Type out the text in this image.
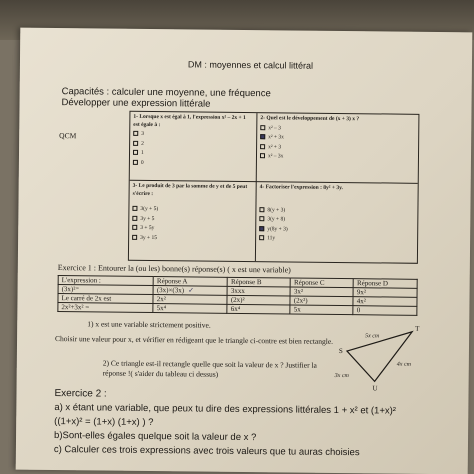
DM : moyennes et calcul littéral
Capacités : calculer une moyenne, une fréquence
Développer une expression littérale
QCM
1- Lorsque x est égal à 1, l'expression x² – 2x + 1 est égale à :
3
2
1
0
2- Quel est le développement de (x + 3) x ?
x² – 3
x² + 3x
x² + 3
x² – 3x
3- Le produit de 3 par la somme de y et de 5 peut s'écrire :
3(y + 5)
3y + 5
3 + 5y
3y + 15
4- Factoriser l'expression : 8y² + 3y.
8(y + 3)
3(y + 8)
y(8y + 3)
11y
Exercice 1 : Entourer la (ou les) bonne(s) réponse(s) ( x est une variable)
L'expression :	Réponse A	Réponse B	Réponse C	Réponse D
(3x)²⁼	(3x)×(3x) ✓	3xxx	3x²	9x²
Le carré de 2x est	2x²	(2x)²	(2x²)	4x²
2x²+3x² =	5x⁴	6x⁴	5x	0
1) x est une variable strictement positive.
Choisir une valeur pour x, et vérifier en rédigeant que le triangle ci-contre est bien rectangle.
2) Ce triangle est-il rectangle quelle que soit la valeur de x ? Justifier la réponse !( s'aider du tableau ci dessus)
T
S
U
5x cm
3x cm
4x cm
Exercice 2 :
a) x étant une variable, que peux tu dire des expressions littérales 1 + x² et (1+x)²
((1+x)² = (1+x) (1+x) ) ?
b)Sont-elles égales quelque soit la valeur de x ?
c) Calculer ces trois expressions avec trois valeurs que tu auras choisies
